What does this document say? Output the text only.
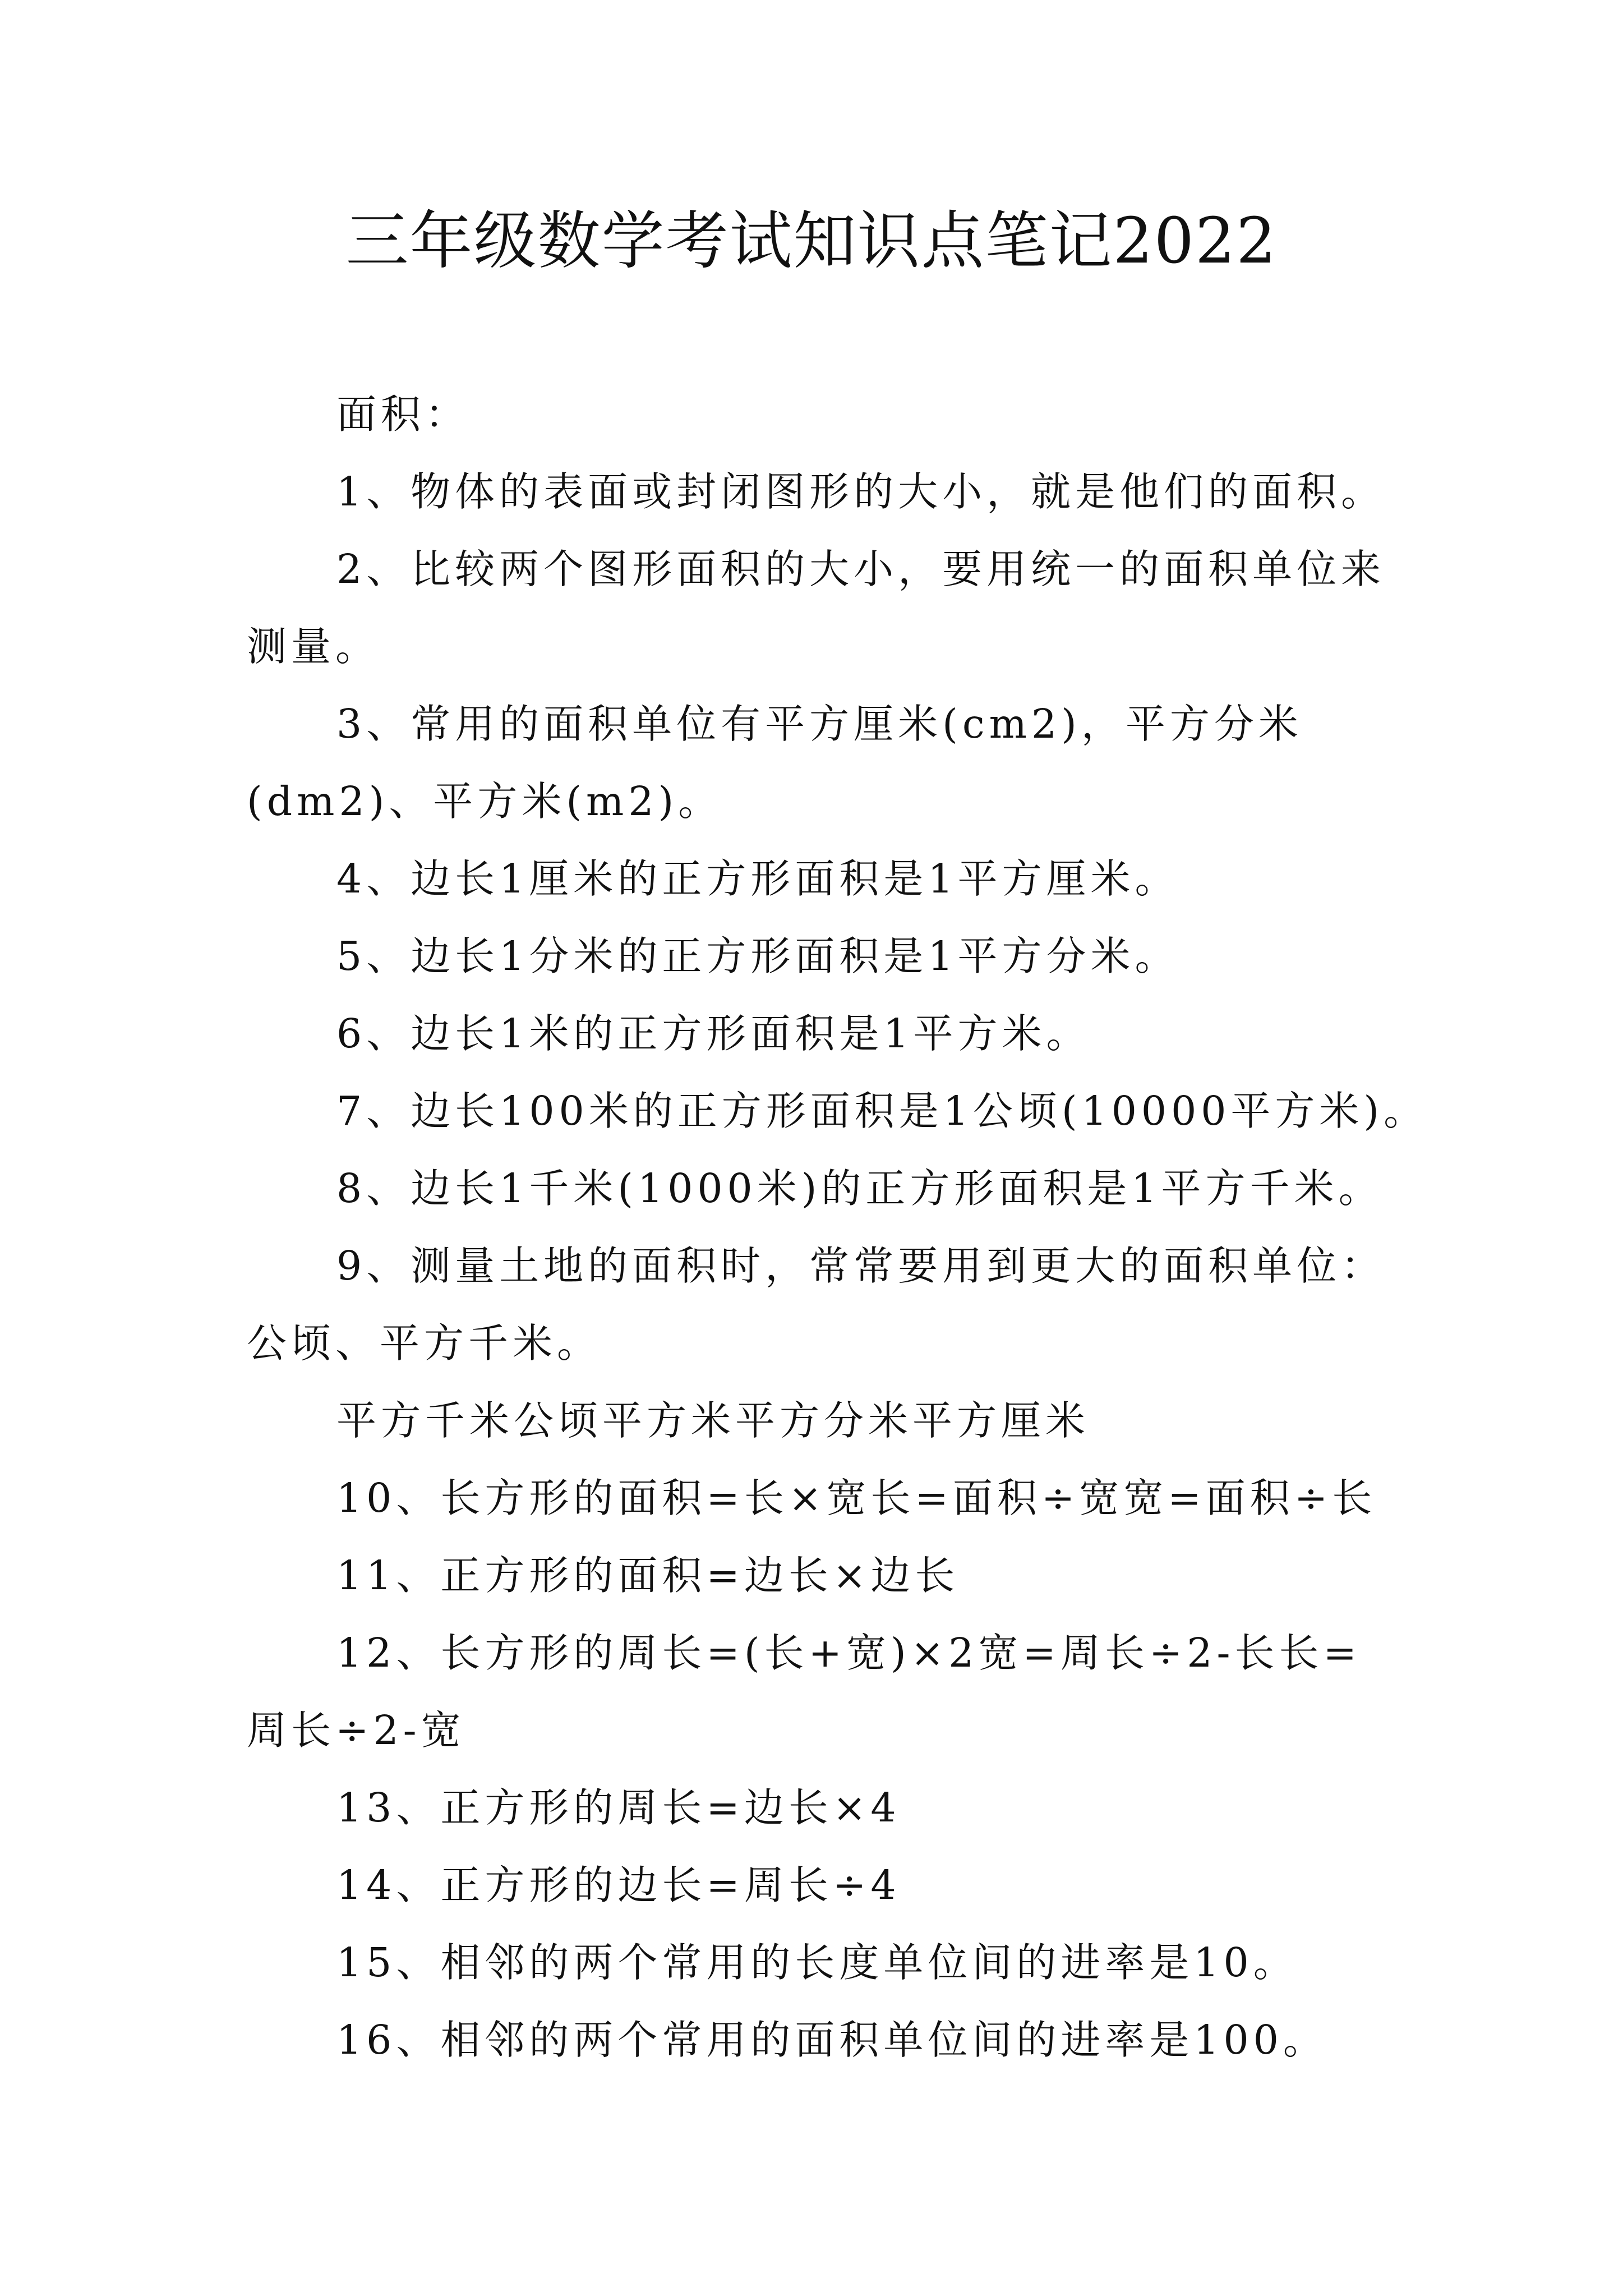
三年级数学考试知识点笔记2022

面积：

1、物体的表面或封闭图形的大小，就是他们的面积。

2、比较两个图形面积的大小，要用统一的面积单位来测量。

3、常用的面积单位有平方厘米(cm2)，平方分米(dm2)、平方米(m2)。

4、边长1厘米的正方形面积是1平方厘米。

5、边长1分米的正方形面积是1平方分米。

6、边长1米的正方形面积是1平方米。

7、边长100米的正方形面积是1公顷(10000平方米)。

8、边长1千米(1000米)的正方形面积是1平方千米。

9、测量土地的面积时，常常要用到更大的面积单位：公顷、平方千米。

平方千米公顷平方米平方分米平方厘米

10、长方形的面积=长×宽长=面积÷宽宽=面积÷长

11、正方形的面积=边长×边长

12、长方形的周长=(长+宽)×2宽=周长÷2-长长=周长÷2-宽

13、正方形的周长=边长×4

14、正方形的边长=周长÷4

15、相邻的两个常用的长度单位间的进率是10。

16、相邻的两个常用的面积单位间的进率是100。
